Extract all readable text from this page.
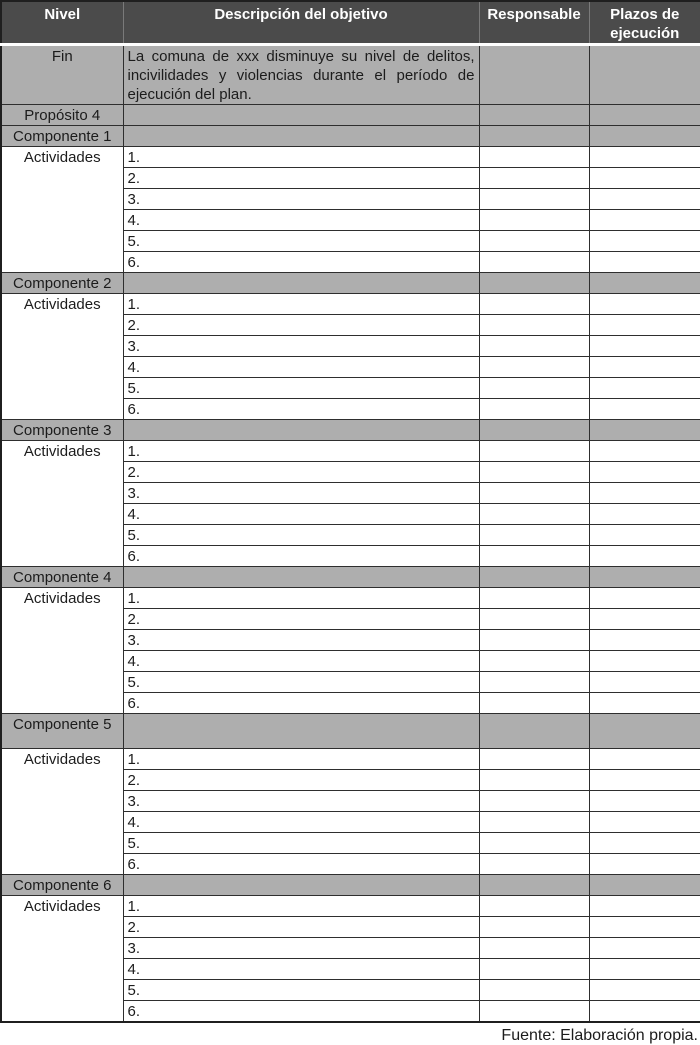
Nivel	Descripción del objetivo	Responsable	Plazos de ejecución
Fin	La comuna de xxx disminuye su nivel de delitos, incivilidades y violencias durante el período de ejecución del plan.		
Propósito 4			
Componente 1			
Actividades	1.		
	2.		
	3.		
	4.		
	5.		
	6.		
Componente 2			
Actividades	1.		
	2.		
	3.		
	4.		
	5.		
	6.		
Componente 3			
Actividades	1.		
	2.		
	3.		
	4.		
	5.		
	6.		
Componente 4			
Actividades	1.		
	2.		
	3.		
	4.		
	5.		
	6.		
Componente 5			
Actividades	1.		
	2.		
	3.		
	4.		
	5.		
	6.		
Componente 6			
Actividades	1.		
	2.		
	3.		
	4.		
	5.		
	6.		
Fuente: Elaboración propia.
